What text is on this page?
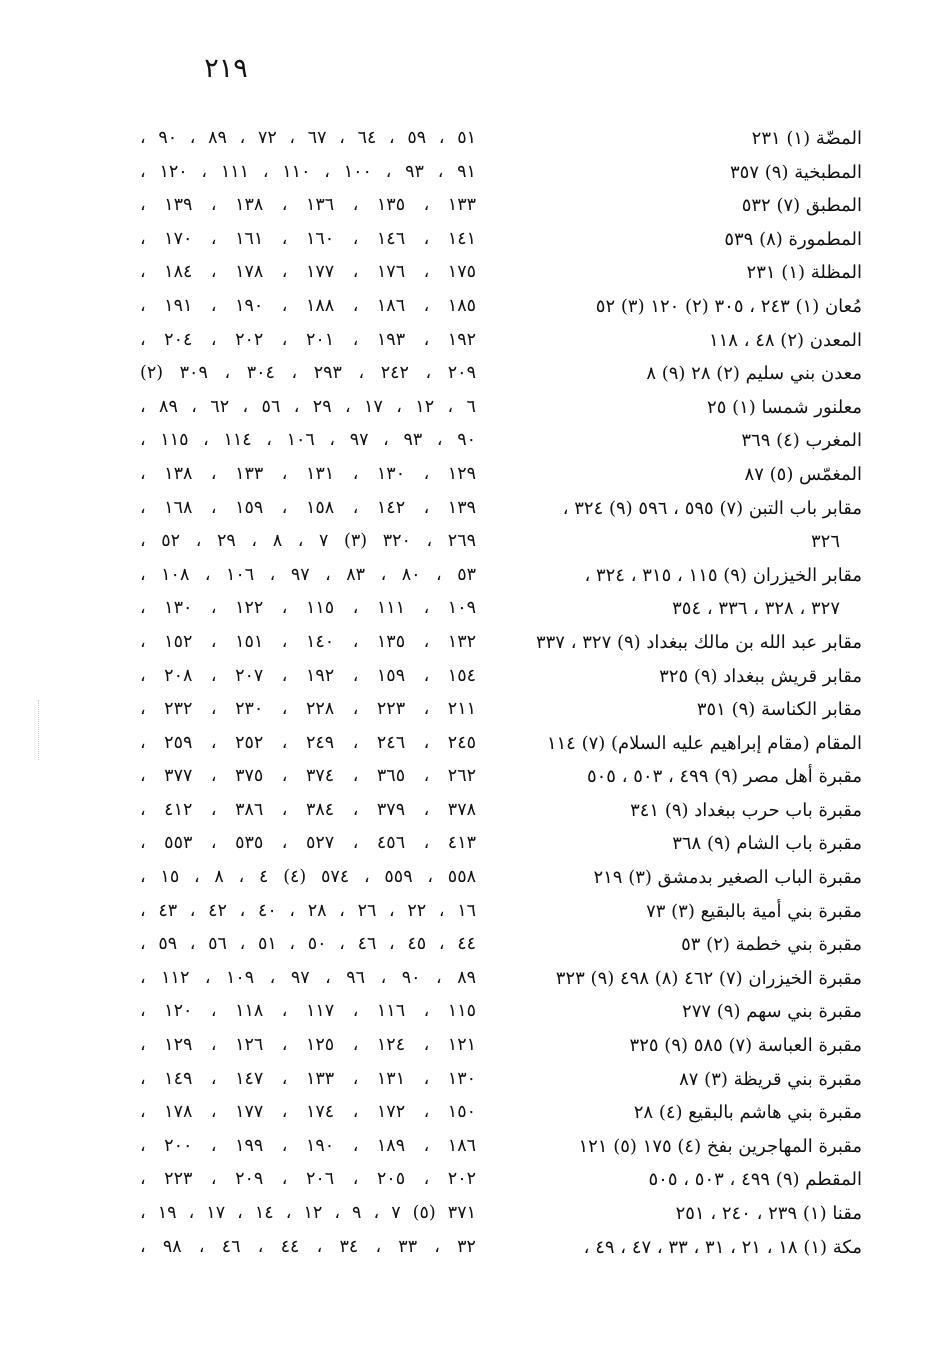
٢١٩
المضّة (١) ٢٣١
المطبخية (٩) ٣٥٧
المطبق (٧) ٥٣٢
المطمورة (٨) ٥٣٩
المظلة (١) ٢٣١
مُعان (١) ٢٤٣ ، ٣٠٥ (٢) ١٢٠ (٣) ٥٢
المعدن (٢) ٤٨ ، ١١٨
معدن بني سليم (٢) ٢٨ (٩) ٨
معلنور شمسا (١) ٢٥
المغرب (٤) ٣٦٩
المغمّس (٥) ٨٧
مقابر باب التبن (٧) ٥٩٥ ، ٥٩٦ (٩) ٣٢٤ ،
٣٢٦
مقابر الخيزران (٩) ١١٥ ، ٣١٥ ، ٣٢٤ ،
٣٢٧ ، ٣٢٨ ، ٣٣٦ ، ٣٥٤
مقابر عبد الله بن مالك ببغداد (٩) ٣٢٧ ، ٣٣٧
مقابر قريش ببغداد (٩) ٣٢٥
مقابر الكناسة (٩) ٣٥١
المقام (مقام إبراهيم عليه السلام) (٧) ١١٤
مقبرة أهل مصر (٩) ٤٩٩ ، ٥٠٣ ، ٥٠٥
مقبرة باب حرب ببغداد (٩) ٣٤١
مقبرة باب الشام (٩) ٣٦٨
مقبرة الباب الصغير بدمشق (٣) ٢١٩
مقبرة بني أمية بالبقيع (٣) ٧٣
مقبرة بني خطمة (٢) ٥٣
مقبرة الخيزران (٧) ٤٦٢ (٨) ٤٩٨ (٩) ٣٢٣
مقبرة بني سهم (٩) ٢٧٧
مقبرة العباسة (٧) ٥٨٥ (٩) ٣٢٥
مقبرة بني قريظة (٣) ٨٧
مقبرة بني هاشم بالبقيع (٤) ٢٨
مقبرة المهاجرين بفخ (٤) ١٧٥ (٥) ١٢١
المقطم (٩) ٤٩٩ ، ٥٠٣ ، ٥٠٥
مقنا (١) ٢٣٩ ، ٢٤٠ ، ٢٥١
مكة (١) ١٨ ، ٢١ ، ٣١ ، ٣٣ ، ٤٧ ، ٤٩ ،
٥١ ، ٥٩ ، ٦٤ ، ٦٧ ، ٧٢ ، ٨٩ ، ٩٠ ،
٩١ ، ٩٣ ، ١٠٠ ، ١١٠ ، ١١١ ، ١٢٠ ،
١٣٣ ، ١٣٥ ، ١٣٦ ، ١٣٨ ، ١٣٩ ،
١٤١ ، ١٤٦ ، ١٦٠ ، ١٦١ ، ١٧٠ ،
١٧٥ ، ١٧٦ ، ١٧٧ ، ١٧٨ ، ١٨٤ ،
١٨٥ ، ١٨٦ ، ١٨٨ ، ١٩٠ ، ١٩١ ،
١٩٢ ، ١٩٣ ، ٢٠١ ، ٢٠٢ ، ٢٠٤ ،
٢٠٩ ، ٢٤٢ ، ٢٩٣ ، ٣٠٤ ، ٣٠٩ (٢)
٦ ، ١٢ ، ١٧ ، ٢٩ ، ٥٦ ، ٦٢ ، ٨٩ ،
٩٠ ، ٩٣ ، ٩٧ ، ١٠٦ ، ١١٤ ، ١١٥ ،
١٢٩ ، ١٣٠ ، ١٣١ ، ١٣٣ ، ١٣٨ ،
١٣٩ ، ١٤٢ ، ١٥٨ ، ١٥٩ ، ١٦٨ ،
٢٦٩ ، ٣٢٠ (٣) ٧ ، ٨ ، ٢٩ ، ٥٢ ،
٥٣ ، ٨٠ ، ٨٣ ، ٩٧ ، ١٠٦ ، ١٠٨ ،
١٠٩ ، ١١١ ، ١١٥ ، ١٢٢ ، ١٣٠ ،
١٣٢ ، ١٣٥ ، ١٤٠ ، ١٥١ ، ١٥٢ ،
١٥٤ ، ١٥٩ ، ١٩٢ ، ٢٠٧ ، ٢٠٨ ،
٢١١ ، ٢٢٣ ، ٢٢٨ ، ٢٣٠ ، ٢٣٢ ،
٢٤٥ ، ٢٤٦ ، ٢٤٩ ، ٢٥٢ ، ٢٥٩ ،
٢٦٢ ، ٣٦٥ ، ٣٧٤ ، ٣٧٥ ، ٣٧٧ ،
٣٧٨ ، ٣٧٩ ، ٣٨٤ ، ٣٨٦ ، ٤١٢ ،
٤١٣ ، ٤٥٦ ، ٥٢٧ ، ٥٣٥ ، ٥٥٣ ،
٥٥٨ ، ٥٥٩ ، ٥٧٤ (٤) ٤ ، ٨ ، ١٥ ،
١٦ ، ٢٢ ، ٢٦ ، ٢٨ ، ٤٠ ، ٤٢ ، ٤٣ ،
٤٤ ، ٤٥ ، ٤٦ ، ٥٠ ، ٥١ ، ٥٦ ، ٥٩ ،
٨٩ ، ٩٠ ، ٩٦ ، ٩٧ ، ١٠٩ ، ١١٢ ،
١١٥ ، ١١٦ ، ١١٧ ، ١١٨ ، ١٢٠ ،
١٢١ ، ١٢٤ ، ١٢٥ ، ١٢٦ ، ١٢٩ ،
١٣٠ ، ١٣١ ، ١٣٣ ، ١٤٧ ، ١٤٩ ،
١٥٠ ، ١٧٢ ، ١٧٤ ، ١٧٧ ، ١٧٨ ،
١٨٦ ، ١٨٩ ، ١٩٠ ، ١٩٩ ، ٢٠٠ ،
٢٠٢ ، ٢٠٥ ، ٢٠٦ ، ٢٠٩ ، ٢٢٣ ،
٣٧١ (٥) ٧ ، ٩ ، ١٢ ، ١٤ ، ١٧ ، ١٩ ،
٣٢ ، ٣٣ ، ٣٤ ، ٤٤ ، ٤٦ ، ٩٨ ،
